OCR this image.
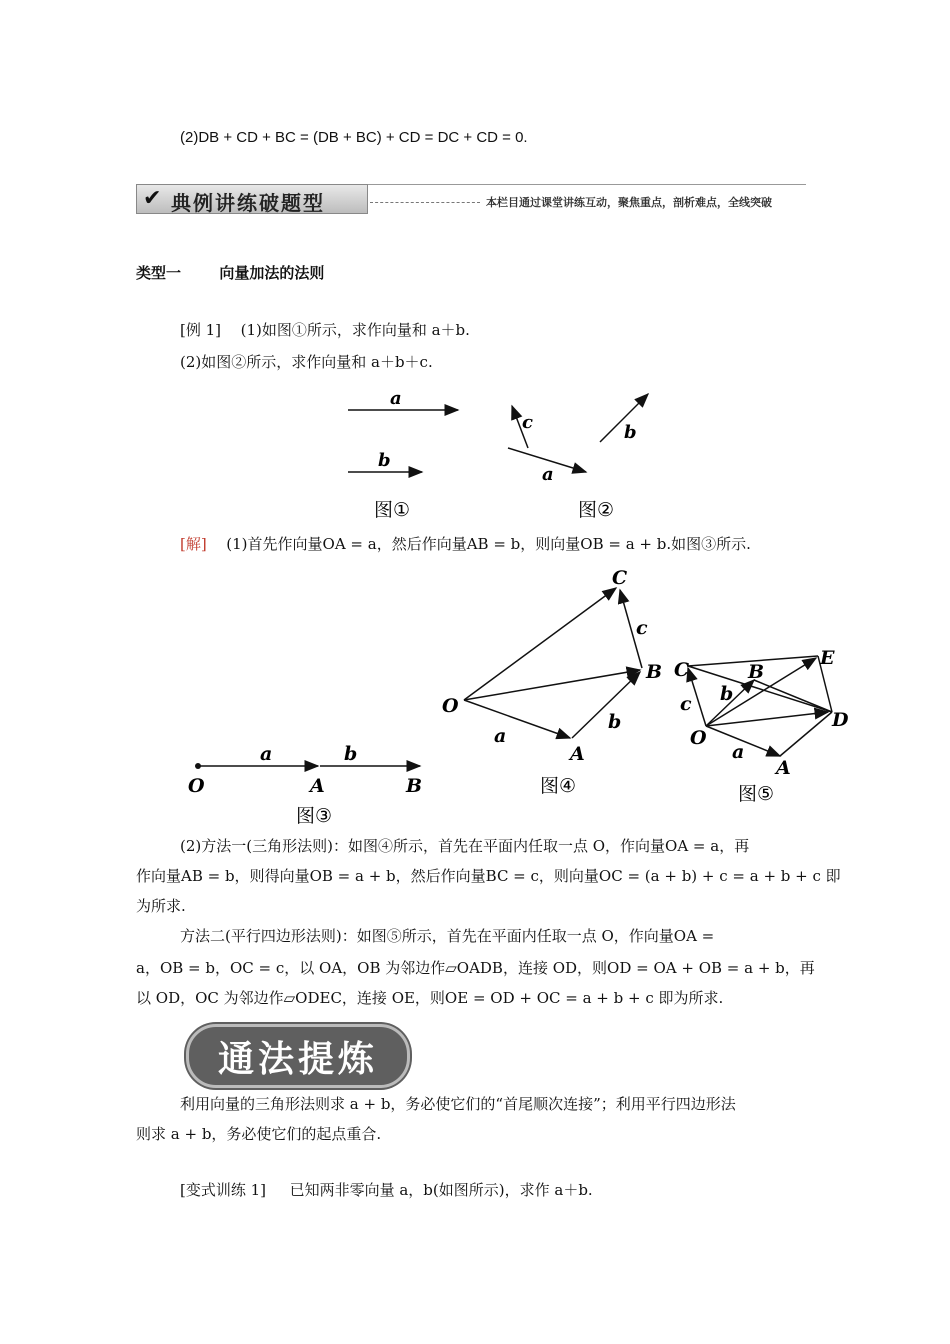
(2)DB + CD + BC = (DB + BC) + CD = DC + CD = 0.
✔ 典例讲练破题型	本栏目通过课堂讲练互动，聚焦重点，剖析难点，全线突破
类型一	向量加法的法则
[例 1] (1)如图①所示，求作向量和 a＋b.
(2)如图②所示，求作向量和 a＋b＋c.
a
b
图①
c	b
a
图②
[解] (1)首先作向量OA = a，然后作向量AB = b，则向量OB = a + b.如图③所示.
a	b
O	A	B
图③
C
c
B
O
b
a
A
图④
C	B
E
b
c
D
O
a
A
图⑤
(2)方法一(三角形法则)：如图④所示，首先在平面内任取一点 O，作向量OA = a，再
作向量AB = b，则得向量OB = a + b，然后作向量BC = c，则向量OC = (a + b) + c = a + b + c 即
为所求.
方法二(平行四边形法则)：如图⑤所示，首先在平面内任取一点 O，作向量OA =
a，OB = b，OC = c，以 OA，OB 为邻边作▱OADB，连接 OD，则OD = OA + OB = a + b，再
以 OD，OC 为邻边作▱ODEC，连接 OE，则OE = OD + OC = a + b + c 即为所求.
通法提炼
利用向量的三角形法则求 a + b，务必使它们的“首尾顺次连接”；利用平行四边形法
则求 a + b，务必使它们的起点重合.
[变式训练 1] 已知两非零向量 a，b(如图所示)，求作 a＋b.
